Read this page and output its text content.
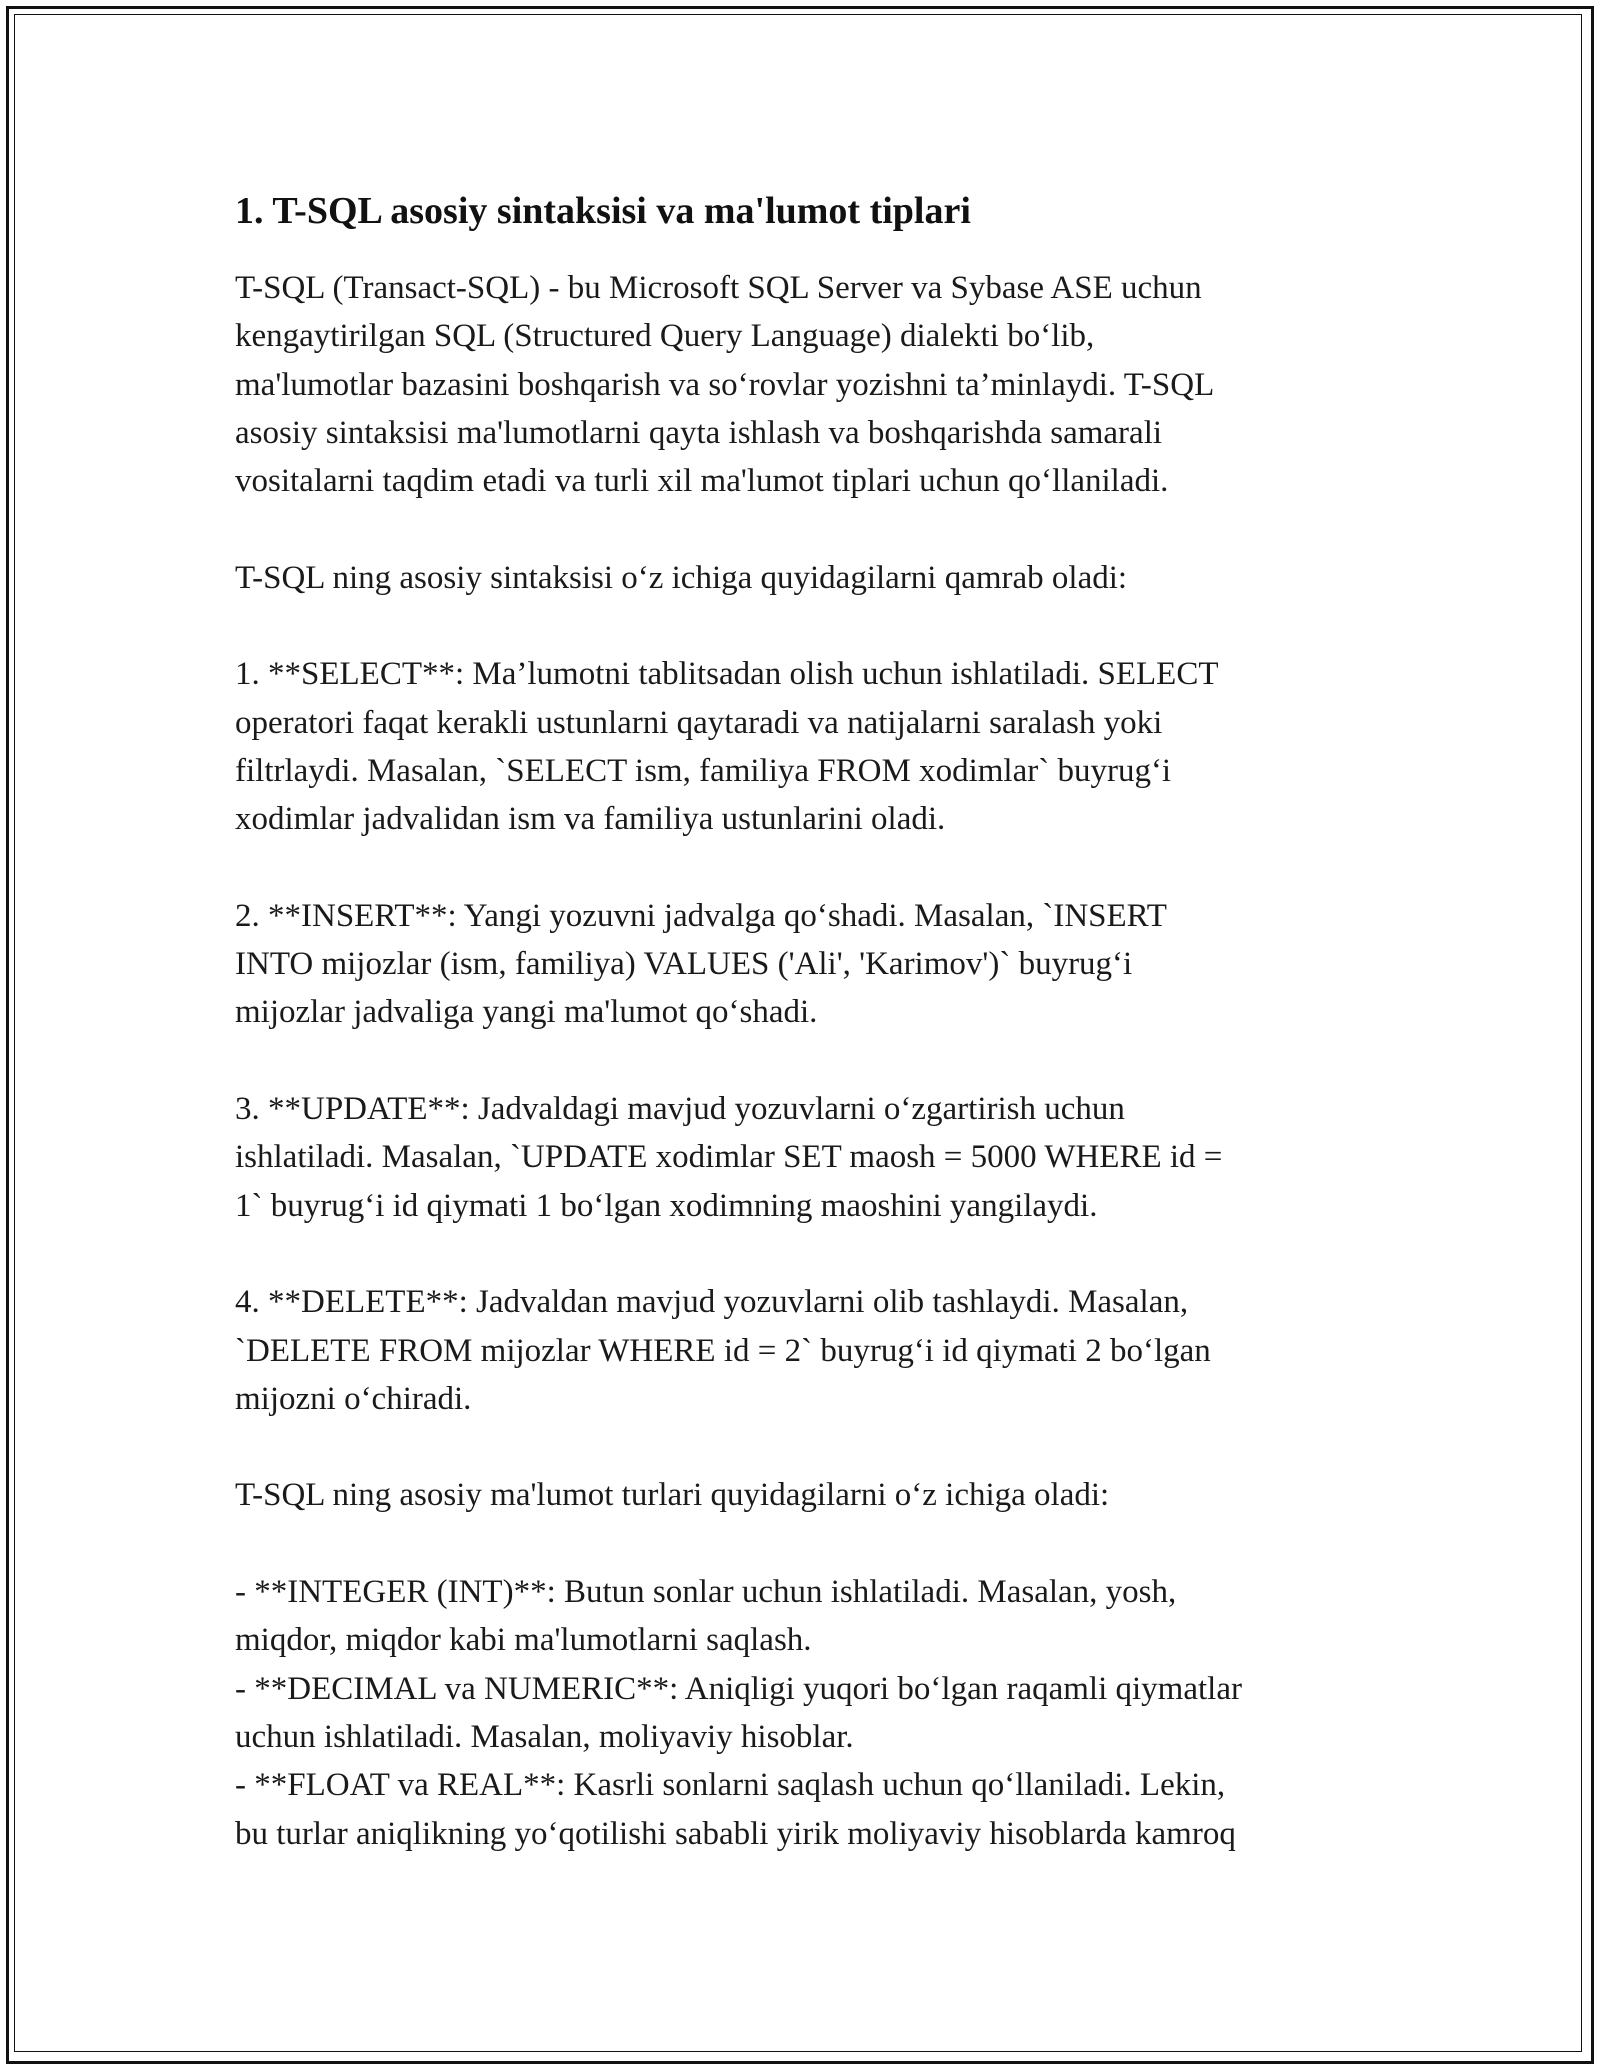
1. T-SQL asosiy sintaksisi va ma'lumot tiplari

T-SQL (Transact-SQL) - bu Microsoft SQL Server va Sybase ASE uchun
kengaytirilgan SQL (Structured Query Language) dialekti bo‘lib,
ma'lumotlar bazasini boshqarish va so‘rovlar yozishni ta’minlaydi. T-SQL
asosiy sintaksisi ma'lumotlarni qayta ishlash va boshqarishda samarali
vositalarni taqdim etadi va turli xil ma'lumot tiplari uchun qo‘llaniladi.

T-SQL ning asosiy sintaksisi o‘z ichiga quyidagilarni qamrab oladi:

1. **SELECT**: Ma’lumotni tablitsadan olish uchun ishlatiladi. SELECT
operatori faqat kerakli ustunlarni qaytaradi va natijalarni saralash yoki
filtrlaydi. Masalan, `SELECT ism, familiya FROM xodimlar` buyrug‘i
xodimlar jadvalidan ism va familiya ustunlarini oladi.

2. **INSERT**: Yangi yozuvni jadvalga qo‘shadi. Masalan, `INSERT
INTO mijozlar (ism, familiya) VALUES ('Ali', 'Karimov')` buyrug‘i
mijozlar jadvaliga yangi ma'lumot qo‘shadi.

3. **UPDATE**: Jadvaldagi mavjud yozuvlarni o‘zgartirish uchun
ishlatiladi. Masalan, `UPDATE xodimlar SET maosh = 5000 WHERE id =
1` buyrug‘i id qiymati 1 bo‘lgan xodimning maoshini yangilaydi.

4. **DELETE**: Jadvaldan mavjud yozuvlarni olib tashlaydi. Masalan,
`DELETE FROM mijozlar WHERE id = 2` buyrug‘i id qiymati 2 bo‘lgan
mijozni o‘chiradi.

T-SQL ning asosiy ma'lumot turlari quyidagilarni o‘z ichiga oladi:

- **INTEGER (INT)**: Butun sonlar uchun ishlatiladi. Masalan, yosh,
miqdor, miqdor kabi ma'lumotlarni saqlash.
- **DECIMAL va NUMERIC**: Aniqligi yuqori bo‘lgan raqamli qiymatlar
uchun ishlatiladi. Masalan, moliyaviy hisoblar.
- **FLOAT va REAL**: Kasrli sonlarni saqlash uchun qo‘llaniladi. Lekin,
bu turlar aniqlikning yo‘qotilishi sababli yirik moliyaviy hisoblarda kamroq
